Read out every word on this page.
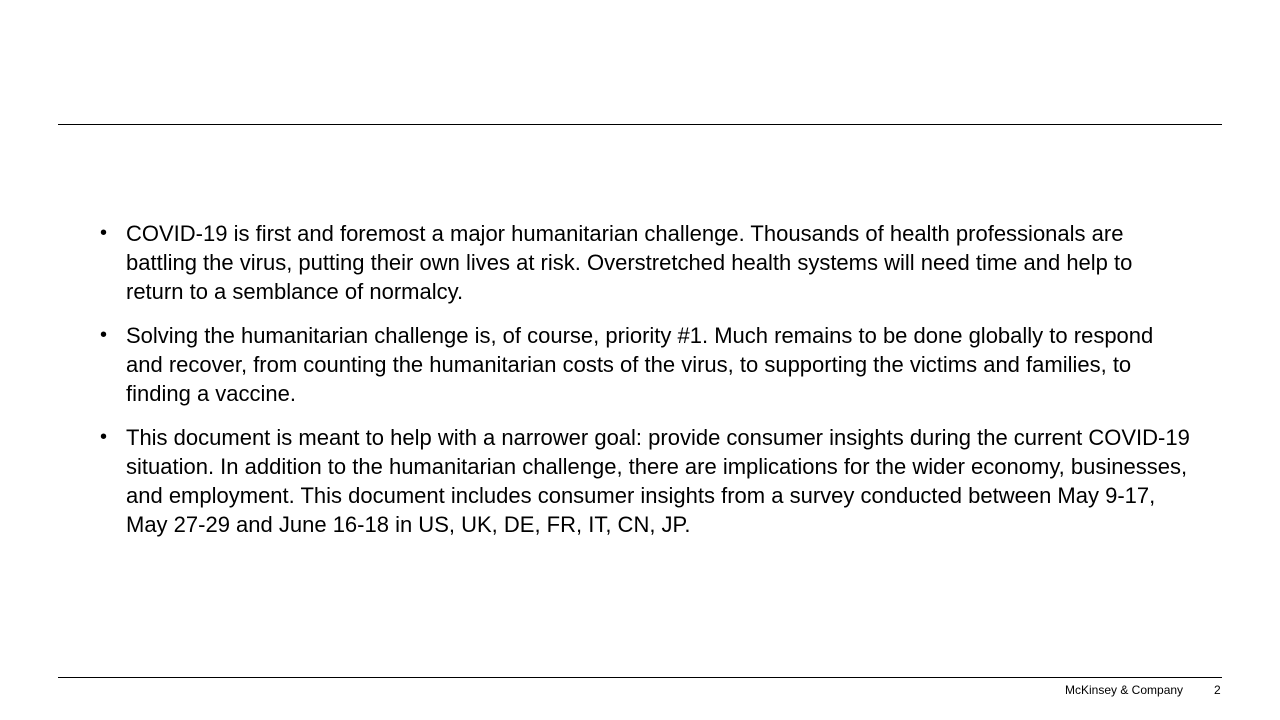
• COVID-19 is first and foremost a major humanitarian challenge. Thousands of health professionals are battling the virus, putting their own lives at risk. Overstretched health systems will need time and help to return to a semblance of normalcy.
• Solving the humanitarian challenge is, of course, priority #1. Much remains to be done globally to respond and recover, from counting the humanitarian costs of the virus, to supporting the victims and families, to finding a vaccine.
• This document is meant to help with a narrower goal: provide consumer insights during the current COVID-19 situation. In addition to the humanitarian challenge, there are implications for the wider economy, businesses, and employment. This document includes consumer insights from a survey conducted between May 9-17, May 27-29 and June 16-18 in US, UK, DE, FR, IT, CN, JP.
McKinsey & Company	2
